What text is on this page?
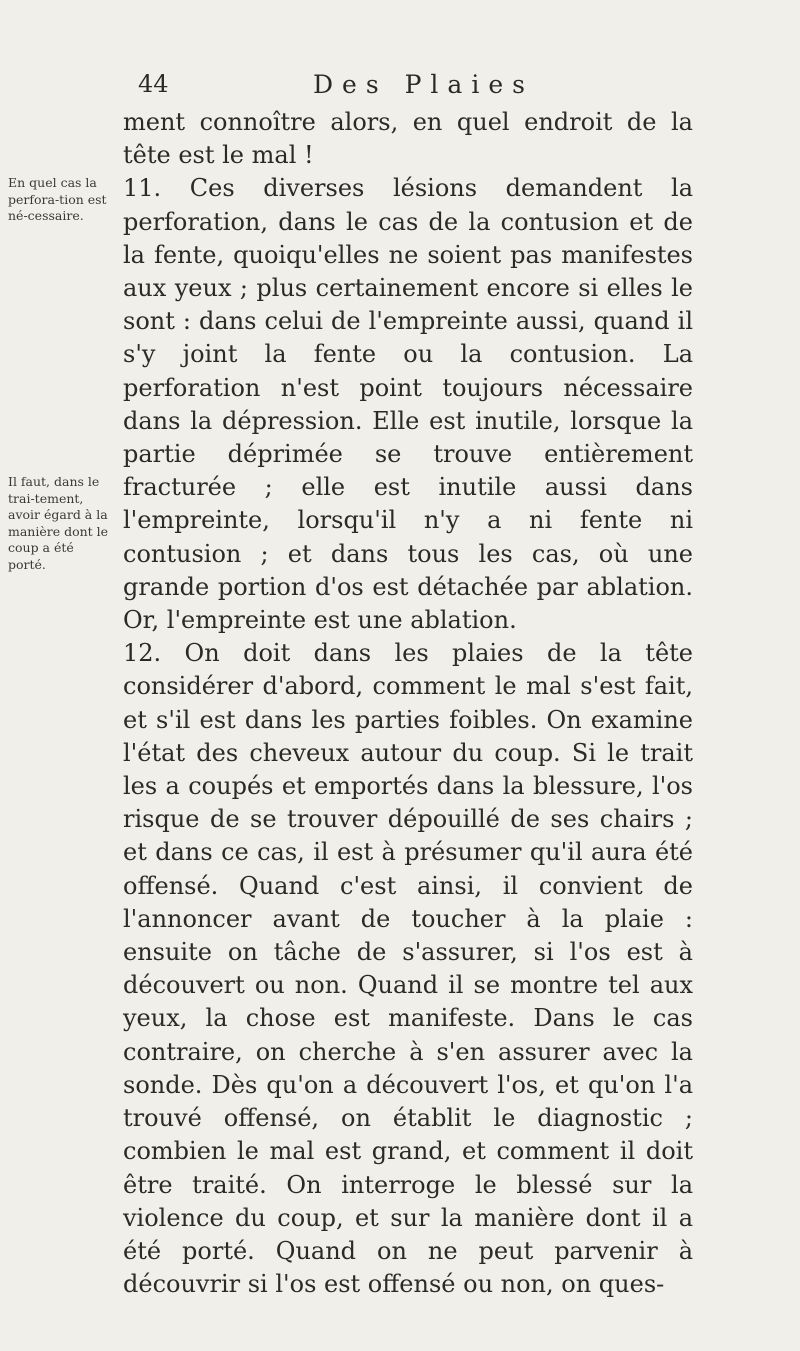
44	Des Plaies
En quel cas la perfora-tion est né-cessaire.
Il faut, dans le trai-tement, avoir égard à la manière dont le coup a été porté.

ment connoître alors, en quel endroit de la tête est le mal !

11. Ces diverses lésions demandent la perforation, dans le cas de la contusion et de la fente, quoiqu'elles ne soient pas manifestes aux yeux ; plus certainement encore si elles le sont : dans celui de l'empreinte aussi, quand il s'y joint la fente ou la contusion. La perforation n'est point toujours nécessaire dans la dépression. Elle est inutile, lorsque la partie déprimée se trouve entièrement fracturée ; elle est inutile aussi dans l'empreinte, lorsqu'il n'y a ni fente ni contusion ; et dans tous les cas, où une grande portion d'os est détachée par ablation. Or, l'empreinte est une ablation.

12. On doit dans les plaies de la tête considérer d'abord, comment le mal s'est fait, et s'il est dans les parties foibles. On examine l'état des cheveux autour du coup. Si le trait les a coupés et emportés dans la blessure, l'os risque de se trouver dépouillé de ses chairs ; et dans ce cas, il est à présumer qu'il aura été offensé. Quand c'est ainsi, il convient de l'annoncer avant de toucher à la plaie : ensuite on tâche de s'assurer, si l'os est à découvert ou non. Quand il se montre tel aux yeux, la chose est manifeste. Dans le cas contraire, on cherche à s'en assurer avec la sonde. Dès qu'on a découvert l'os, et qu'on l'a trouvé offensé, on établit le diagnostic ; combien le mal est grand, et comment il doit être traité. On interroge le blessé sur la violence du coup, et sur la manière dont il a été porté. Quand on ne peut parvenir à découvrir si l'os est offensé ou non, on ques-
